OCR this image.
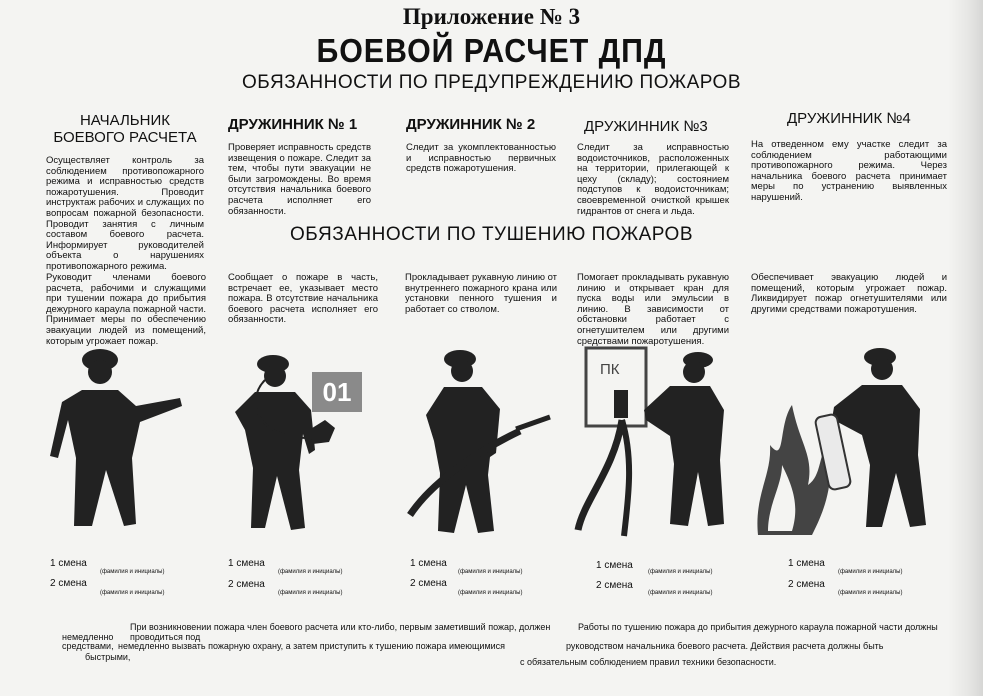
Приложение № 3
БОЕВОЙ РАСЧЕТ ДПД
ОБЯЗАННОСТИ ПО ПРЕДУПРЕЖДЕНИЮ ПОЖАРОВ
ОБЯЗАННОСТИ ПО ТУШЕНИЮ ПОЖАРОВ
НАЧАЛЬНИК
БОЕВОГО РАСЧЕТА
Осуществляет контроль за соблюдением противопожарного режима и исправностью средств пожаротушения. Проводит инструктаж рабочих и служащих по вопросам пожарной безопасности. Проводит занятия с личным составом боевого расчета. Информирует руководителей объекта о нарушениях противопожарного режима.
Руководит членами боевого расчета, рабочими и служащими при тушении пожара до прибытия дежурного караула пожарной части. Принимает меры по обеспечению эвакуации людей из помещений, которым угрожает пожар.
ДРУЖИННИК № 1
Проверяет исправность средств извещения о пожаре. Следит за тем, чтобы пути эвакуации не были загромождены. Во время отсутствия начальника боевого расчета исполняет его обязанности.
Сообщает о пожаре в часть, встречает ее, указывает место пожара. В отсутствие начальника боевого расчета исполняет его обязанности.
ДРУЖИННИК № 2
Следит за укомплектованностью и исправностью первичных средств пожаротушения.
Прокладывает рукавную линию от внутреннего пожарного крана или установки пенного тушения и работает со стволом.
ДРУЖИННИК №3
Следит за исправностью водоисточников, расположенных на территории, прилегающей к цеху (складу); состоянием подступов к водоисточникам; своевременной очисткой крышек гидрантов от снега и льда.
Помогает прокладывать рукавную линию и открывает кран для пуска воды или эмульсии в линию. В зависимости от обстановки работает с огнетушителем или другими средствами пожаротушения.
ДРУЖИННИК №4
На отведенном ему участке следит за соблюдением работающими противопожарного режима. Через начальника боевого расчета принимает меры по устранению выявленных нарушений.
Обеспечивает эвакуацию людей и помещений, которым угрожает пожар. Ликвидирует пожар огнетушителями или другими средствами пожаротушения.
01
ПК
1 смена
(фамилия и инициалы)
2 смена
(фамилия и инициалы)
1 смена
(фамилия и инициалы)
2 смена
(фамилия и инициалы)
1 смена
(фамилия и инициалы)
2 смена
(фамилия и инициалы)
1 смена
(фамилия и инициалы)
2 смена
(фамилия и инициалы)
1 смена
(фамилия и инициалы)
2 смена
(фамилия и инициалы)
При возникновении пожара член боевого расчета или кто-либо, первым заметивший пожар, должен
немедленно проводиться под
средствами, немедленно вызвать пожарную охрану, а затем приступить к тушению пожара имеющимися
быстрыми,
Работы по тушению пожара до прибытия дежурного караула пожарной части должны
руководством начальника боевого расчета. Действия расчета должны быть
с обязательным соблюдением правил техники безопасности.
